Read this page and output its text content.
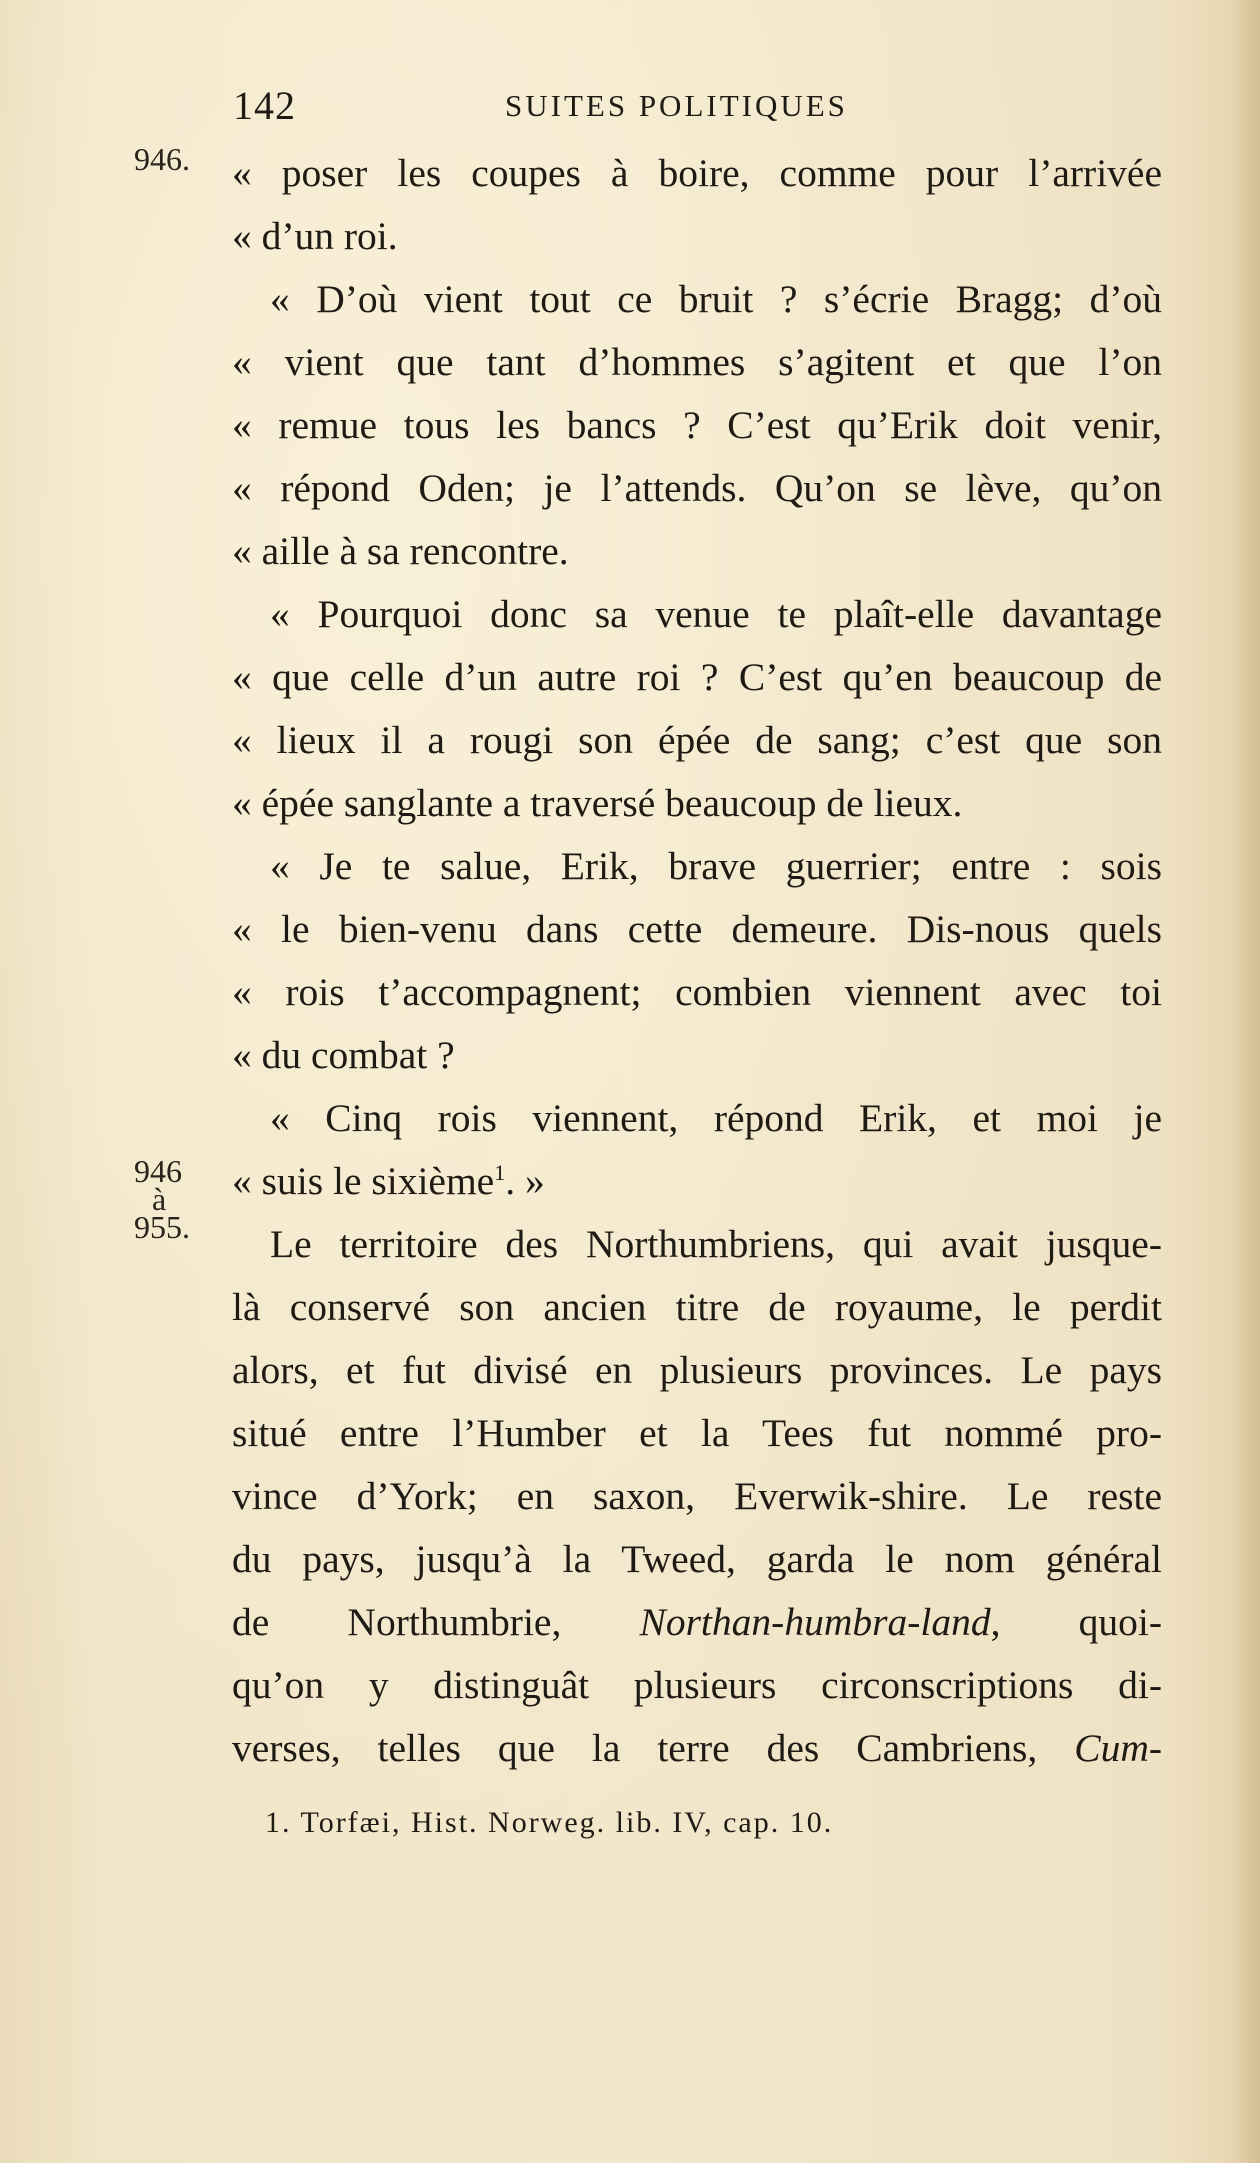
142	SUITES POLITIQUES
946.
946
à
955.
« poser les coupes à boire, comme pour l’arrivée
« d’un roi.
« D’où vient tout ce bruit ? s’écrie Bragg; d’où
« vient que tant d’hommes s’agitent et que l’on
« remue tous les bancs ? C’est qu’Erik doit venir,
« répond Oden; je l’attends. Qu’on se lève, qu’on
« aille à sa rencontre.
« Pourquoi donc sa venue te plaît-elle davantage
« que celle d’un autre roi ? C’est qu’en beaucoup de
« lieux il a rougi son épée de sang; c’est que son
« épée sanglante a traversé beaucoup de lieux.
« Je te salue, Erik, brave guerrier; entre : sois
« le bien-venu dans cette demeure. Dis-nous quels
« rois t’accompagnent; combien viennent avec toi
« du combat ?
« Cinq rois viennent, répond Erik, et moi je
« suis le sixième$^1$. »
Le territoire des Northumbriens, qui avait jusque-
là conservé son ancien titre de royaume, le perdit
alors, et fut divisé en plusieurs provinces. Le pays
situé entre l’Humber et la Tees fut nommé pro-
vince d’York; en saxon, Everwik-shire. Le reste
du pays, jusqu’à la Tweed, garda le nom général
de Northumbrie, Northan-humbra-land, quoi-
qu’on y distinguât plusieurs circonscriptions di-
verses, telles que la terre des Cambriens, Cum-
1. Torfæi, Hist. Norweg. lib. IV, cap. 10.
